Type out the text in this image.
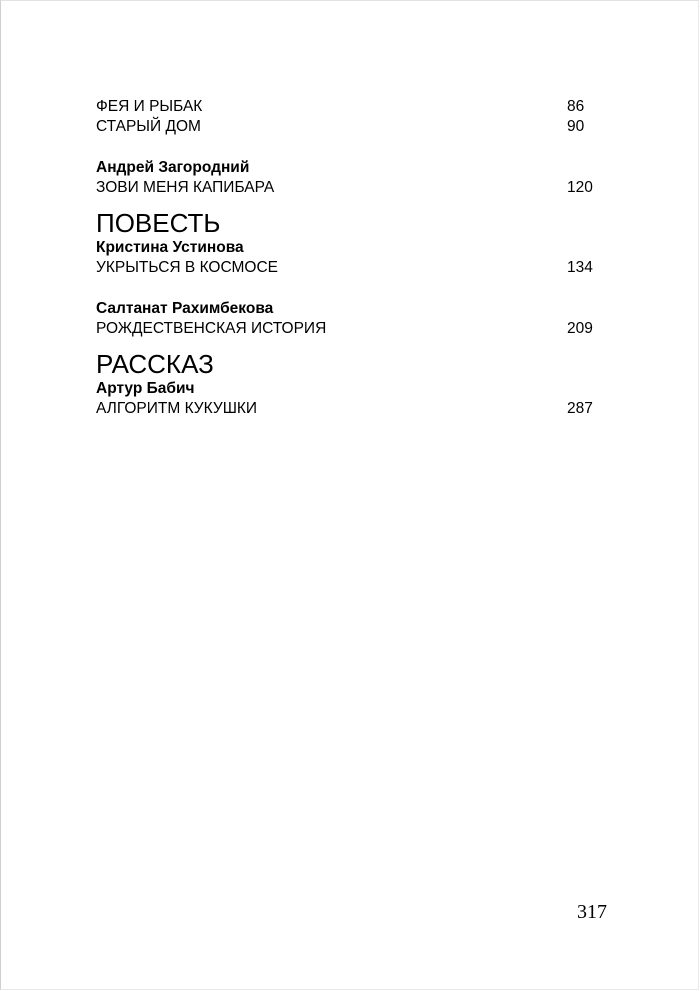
ФЕЯ И РЫБАК	86
СТАРЫЙ ДОМ	90
Андрей Загородний
ЗОВИ МЕНЯ КАПИБАРА	120
ПОВЕСТЬ
Кристина Устинова
УКРЫТЬСЯ В КОСМОСЕ	134
Салтанат Рахимбекова
РОЖДЕСТВЕНСКАЯ ИСТОРИЯ	209
РАССКАЗ
Артур Бабич
АЛГОРИТМ КУКУШКИ	287
317
